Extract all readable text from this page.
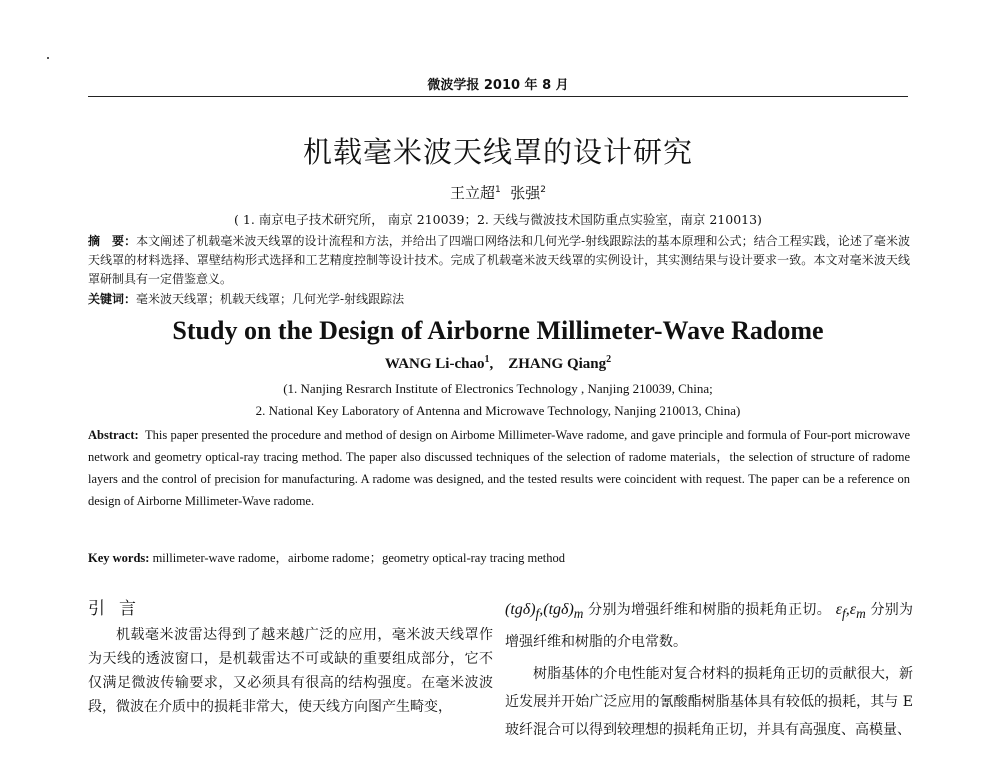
微波学报 2010 年 8 月
机载毫米波天线罩的设计研究
王立超$^1$ 张强$^2$
( 1. 南京电子技术研究所， 南京 210039；2. 天线与微波技术国防重点实验室，南京 210013)
摘　要：本文阐述了机载毫米波天线罩的设计流程和方法，并给出了四端口网络法和几何光学-射线跟踪法的基本原理和公式；结合工程实践，论述了毫米波天线罩的材料选择、罩壁结构形式选择和工艺精度控制等设计技术。完成了机载毫米波天线罩的实例设计，其实测结果与设计要求一致。本文对毫米波天线罩研制具有一定借鉴意义。
关键词：毫米波天线罩；机载天线罩；几何光学-射线跟踪法
Study on the Design of Airborne Millimeter-Wave Radome
WANG Li-chao$^1$, ZHANG Qiang$^2$
(1. Nanjing Resrarch Institute of Electronics Technology , Nanjing 210039, China;
2. National Key Laboratory of Antenna and Microwave Technology, Nanjing 210013, China)
Abstract: This paper presented the procedure and method of design on Airbome Millimeter-Wave radome, and gave principle and formula of Four-port microwave network and geometry optical-ray tracing method. The paper also discussed techniques of the selection of radome materials，the selection of structure of radome layers and the control of precision for manufacturing. A radome was designed, and the tested results were coincident with request. The paper can be a reference on design of Airborne Millimeter-Wave radome.
Key words: millimeter-wave radome，airbome radome；geometry optical-ray tracing method
引言
机载毫米波雷达得到了越来越广泛的应用，毫米波天线罩作为天线的透波窗口，是机载雷达不可或缺的重要组成部分，它不仅满足微波传输要求，又必须具有很高的结构强度。在毫米波波段，微波在介质中的损耗非常大，使天线方向图产生畸变，
$(tg\delta)_f,(tg\delta)_m$ 分别为增强纤维和树脂的损耗角正切。 $\varepsilon_f,\varepsilon_m$ 分别为增强纤维和树脂的介电常数。
树脂基体的介电性能对复合材料的损耗角正切的贡献很大，新近发展并开始广泛应用的氰酸酯树脂基体具有较低的损耗，其与 E 玻纤混合可以得到较理想的损耗角正切，并具有高强度、高模量、
